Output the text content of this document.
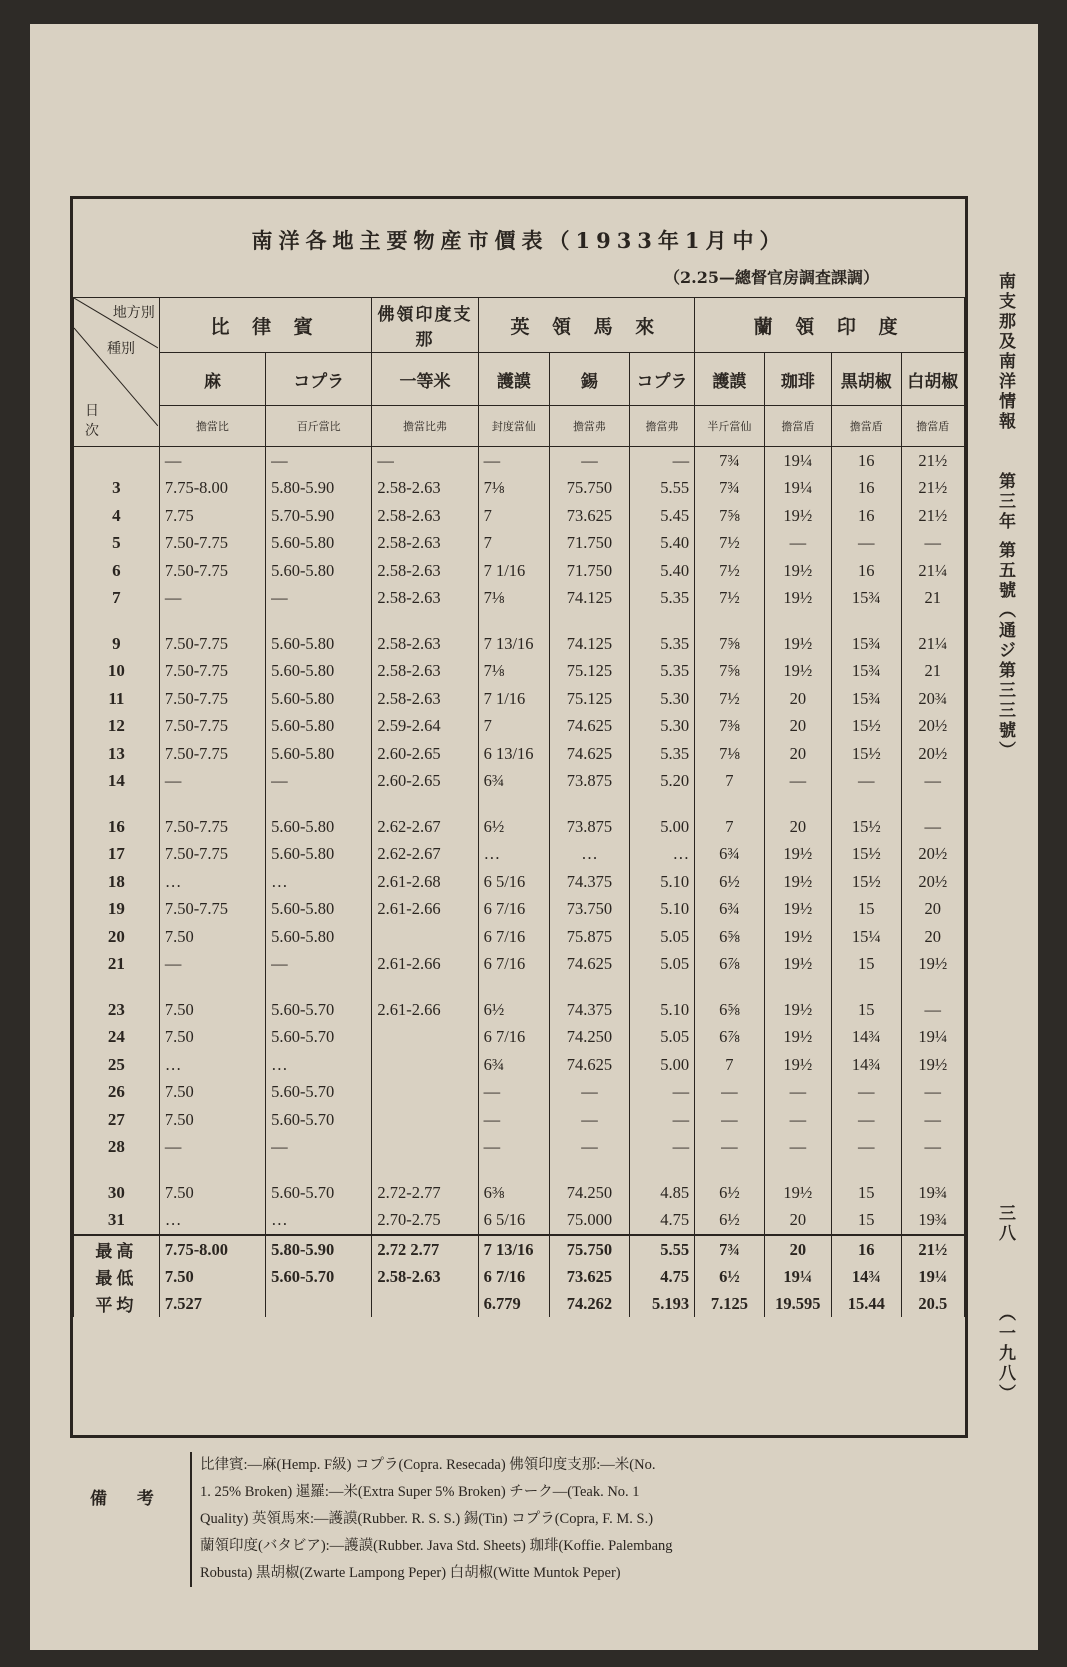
南洋各地主要物産市價表（1933年1月中）
（2.25—總督官房調査課調）
地方別
種別
日次	比 律 賓		佛領印度支那	英 領 馬 來			蘭 領 印 度			
	麻	コプラ	一等米	護謨	錫	コプラ	護謨	珈琲	黒胡椒	白胡椒
	擔當比	百斤當比	擔當比弗	封度當仙	擔當弗	擔當弗	半斤當仙	擔當盾	擔當盾	擔當盾
	—	—	—	—	—	—	7¾	19¼	16	21½
3	7.75-8.00	5.80-5.90	2.58-2.63	7⅛	75.750	5.55	7¾	19¼	16	21½
4	7.75	5.70-5.90	2.58-2.63	7	73.625	5.45	7⅝	19½	16	21½
5	7.50-7.75	5.60-5.80	2.58-2.63	7	71.750	5.40	7½	—	—	—
6	7.50-7.75	5.60-5.80	2.58-2.63	7 1/16	71.750	5.40	7½	19½	16	21¼
7	—	—	2.58-2.63	7⅛	74.125	5.35	7½	19½	15¾	21

9	7.50-7.75	5.60-5.80	2.58-2.63	7 13/16	74.125	5.35	7⅝	19½	15¾	21¼
10	7.50-7.75	5.60-5.80	2.58-2.63	7⅛	75.125	5.35	7⅝	19½	15¾	21
11	7.50-7.75	5.60-5.80	2.58-2.63	7 1/16	75.125	5.30	7½	20	15¾	20¾
12	7.50-7.75	5.60-5.80	2.59-2.64	7	74.625	5.30	7⅜	20	15½	20½
13	7.50-7.75	5.60-5.80	2.60-2.65	6 13/16	74.625	5.35	7⅛	20	15½	20½
14	—	—	2.60-2.65	6¾	73.875	5.20	7	—	—	—

16	7.50-7.75	5.60-5.80	2.62-2.67	6½	73.875	5.00	7	20	15½	—
17	7.50-7.75	5.60-5.80	2.62-2.67	…	…	…	6¾	19½	15½	20½
18	…	…	2.61-2.68	6 5/16	74.375	5.10	6½	19½	15½	20½
19	7.50-7.75	5.60-5.80	2.61-2.66	6 7/16	73.750	5.10	6¾	19½	15	20
20	7.50	5.60-5.80		6 7/16	75.875	5.05	6⅝	19½	15¼	20
21	—	—	2.61-2.66	6 7/16	74.625	5.05	6⅞	19½	15	19½

23	7.50	5.60-5.70	2.61-2.66	6½	74.375	5.10	6⅝	19½	15	—
24	7.50	5.60-5.70		6 7/16	74.250	5.05	6⅞	19½	14¾	19¼
25	…	…		6¾	74.625	5.00	7	19½	14¾	19½
26	7.50	5.60-5.70		—	—	—	—	—	—	—
27	7.50	5.60-5.70		—	—	—	—	—	—	—
28	—	—		—	—	—	—	—	—	—

30	7.50	5.60-5.70	2.72-2.77	6⅜	74.250	4.85	6½	19½	15	19¾
31	…	…	2.70-2.75	6 5/16	75.000	4.75	6½	20	15	19¾
最高	7.75-8.00	5.80-5.90	2.72 2.77	7 13/16	75.750	5.55	7¾	20	16	21½
最低	7.50	5.60-5.70	2.58-2.63	6 7/16	73.625	4.75	6½	19¼	14¾	19¼
平均	7.527			6.779	74.262	5.193	7.125	19.595	15.44	20.5
南支那及南洋情報
第三年 第五號（通ジ第三三號）
三八
（一九八）
備 考
比律賓:—麻(Hemp. F級) コプラ(Copra. Resecada) 佛領印度支那:—米(No.
1. 25% Broken) 暹羅:—米(Extra Super 5% Broken) チーク—(Teak. No. 1
Quality) 英領馬來:—護謨(Rubber. R. S. S.) 錫(Tin) コプラ(Copra, F. M. S.)
蘭領印度(バタビア):—護謨(Rubber. Java Std. Sheets) 珈琲(Koffie. Palembang
Robusta) 黒胡椒(Zwarte Lampong Peper) 白胡椒(Witte Muntok Peper)
